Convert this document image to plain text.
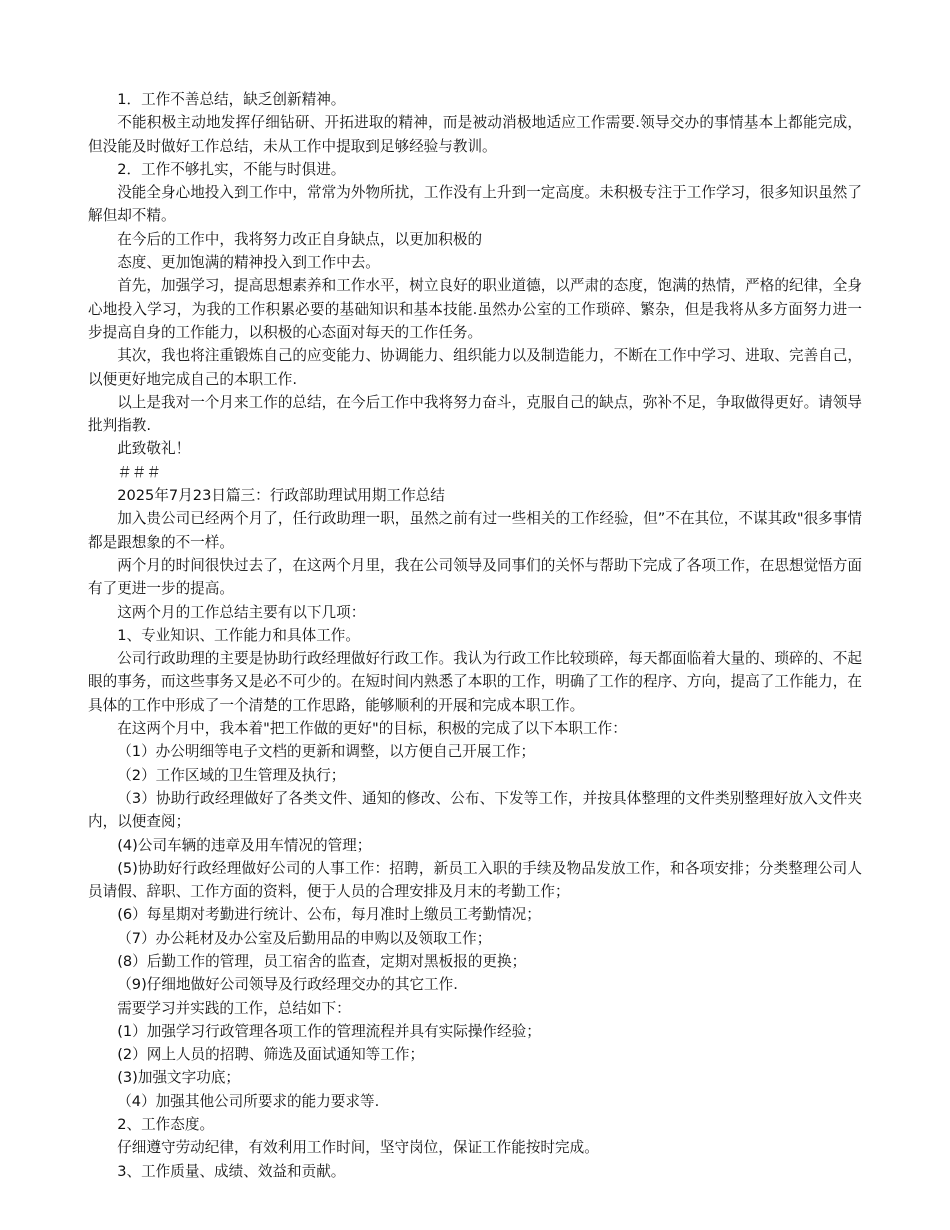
1．工作不善总结，缺乏创新精神。

不能积极主动地发挥仔细钻研、开拓进取的精神，而是被动消极地适应工作需要.领导交办的事情基本上都能完成，但没能及时做好工作总结，未从工作中提取到足够经验与教训。

2．工作不够扎实，不能与时俱进。

没能全身心地投入到工作中，常常为外物所扰，工作没有上升到一定高度。未积极专注于工作学习，很多知识虽然了解但却不精。

在今后的工作中，我将努力改正自身缺点，以更加积极的

态度、更加饱满的精神投入到工作中去。

首先，加强学习，提高思想素养和工作水平，树立良好的职业道德，以严肃的态度，饱满的热情，严格的纪律，全身心地投入学习，为我的工作积累必要的基础知识和基本技能.虽然办公室的工作琐碎、繁杂，但是我将从多方面努力进一步提高自身的工作能力，以积极的心态面对每天的工作任务。

其次，我也将注重锻炼自己的应变能力、协调能力、组织能力以及制造能力，不断在工作中学习、进取、完善自己，以便更好地完成自己的本职工作.

以上是我对一个月来工作的总结，在今后工作中我将努力奋斗，克服自己的缺点，弥补不足，争取做得更好。请领导批判指教.

此致敬礼！

＃＃＃

2025年7月23日篇三：行政部助理试用期工作总结

加入贵公司已经两个月了，任行政助理一职，虽然之前有过一些相关的工作经验，但”不在其位，不谋其政"很多事情都是跟想象的不一样。

两个月的时间很快过去了，在这两个月里，我在公司领导及同事们的关怀与帮助下完成了各项工作，在思想觉悟方面有了更进一步的提高。

这两个月的工作总结主要有以下几项：

1、专业知识、工作能力和具体工作。

公司行政助理的主要是协助行政经理做好行政工作。我认为行政工作比较琐碎，每天都面临着大量的、琐碎的、不起眼的事务，而这些事务又是必不可少的。在短时间内熟悉了本职的工作，明确了工作的程序、方向，提高了工作能力，在具体的工作中形成了一个清楚的工作思路，能够顺利的开展和完成本职工作。

在这两个月中，我本着"把工作做的更好"的目标，积极的完成了以下本职工作：

（1）办公明细等电子文档的更新和调整，以方便自己开展工作；

（2）工作区域的卫生管理及执行；

（3）协助行政经理做好了各类文件、通知的修改、公布、下发等工作，并按具体整理的文件类别整理好放入文件夹内，以便查阅；

(4)公司车辆的违章及用车情况的管理；

(5)协助好行政经理做好公司的人事工作：招聘，新员工入职的手续及物品发放工作，和各项安排；分类整理公司人员请假、辞职、工作方面的资料，便于人员的合理安排及月末的考勤工作；

(6）每星期对考勤进行统计、公布，每月准时上缴员工考勤情况；

（7）办公耗材及办公室及后勤用品的申购以及领取工作；

(8）后勤工作的管理，员工宿舍的监查，定期对黑板报的更换；

（9)仔细地做好公司领导及行政经理交办的其它工作.

需要学习并实践的工作，总结如下：

(1）加强学习行政管理各项工作的管理流程并具有实际操作经验；

(2）网上人员的招聘、筛选及面试通知等工作；

(3)加强文字功底；

（4）加强其他公司所要求的能力要求等.

2、工作态度。

仔细遵守劳动纪律，有效利用工作时间，坚守岗位，保证工作能按时完成。

3、工作质量、成绩、效益和贡献。
